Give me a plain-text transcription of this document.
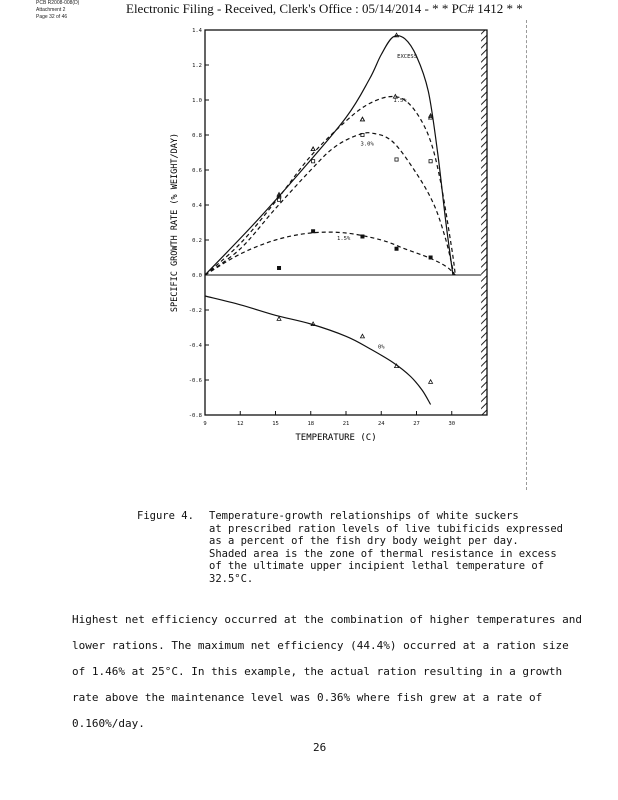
PCB R2008-008(D)
Attachment 2
Page 32 of 46
Electronic Filing - Received, Clerk's Office : 05/14/2014 - * * PC# 1412 * *
-0.8
-0.6
-0.4
-0.2
0.0
0.2
0.4
0.6
0.8
1.0
1.2
1.4
9	12	15	18	21	24	27	30
EXCESS
1.5%
3.0%
1.5%
0%
TEMPERATURE (C)
SPECIFIC GROWTH RATE (% WEIGHT/DAY)
Figure 4. Temperature-growth relationships of white suckers
at prescribed ration levels of live tubificids expressed
as a percent of the fish dry body weight per day.
Shaded area is the zone of thermal resistance in excess
of the ultimate upper incipient lethal temperature of
32.5°C.
Highest net efficiency occurred at the combination of higher temperatures and
lower rations. The maximum net efficiency (44.4%) occurred at a ration size
of 1.46% at 25°C. In this example, the actual ration resulting in a growth
rate above the maintenance level was 0.36% where fish grew at a rate of
0.160%/day.
26
